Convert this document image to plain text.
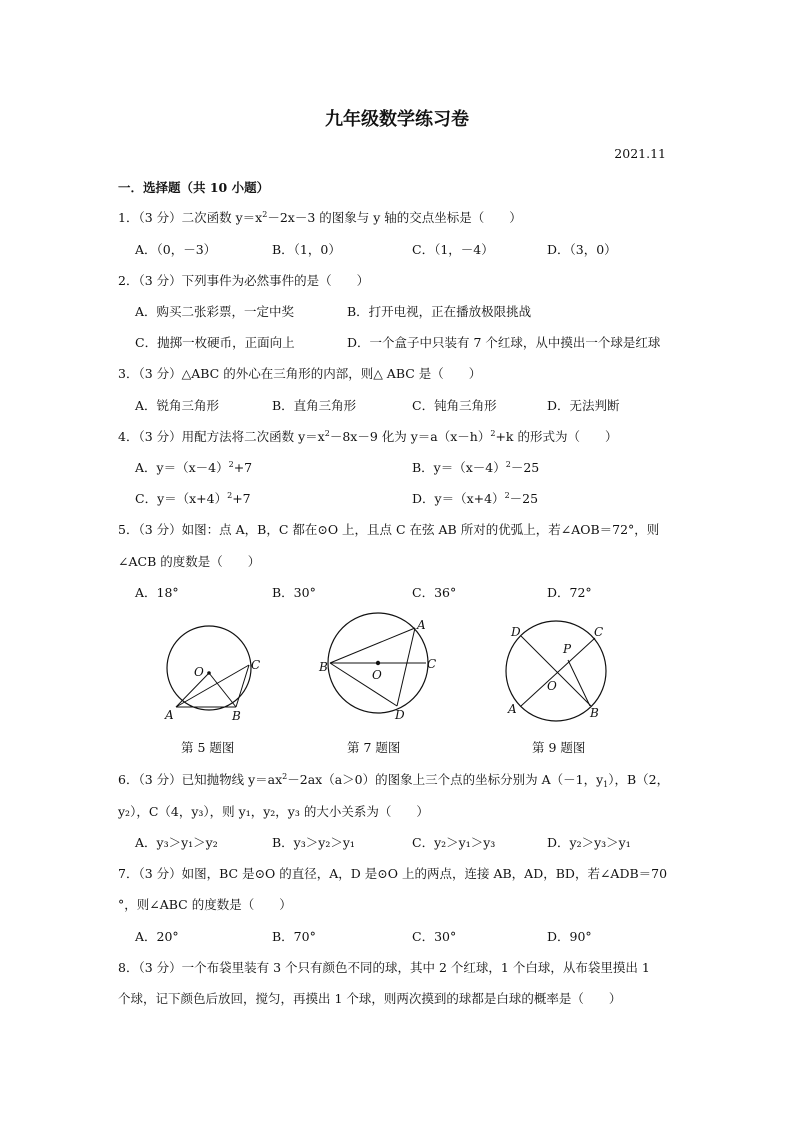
九年级数学练习卷
2021.11
一．选择题（共 10 小题）
1．（3 分）二次函数 $y=x^2-2x-3$ 的图象与 y 轴的交点坐标是（　　）
A．（0，－3）	B．（1，0）	C．（1，－4）	D．（3，0）
2．（3 分）下列事件为必然事件的是（　　）
A．购买二张彩票，一定中奖	B．打开电视，正在播放极限挑战
C．抛掷一枚硬币，正面向上	D．一个盒子中只装有 7 个红球，从中摸出一个球是红球
3．（3 分）△ABC 的外心在三角形的内部，则△ ABC 是（　　）
A．锐角三角形	B．直角三角形	C．钝角三角形	D．无法判断
4．（3 分）用配方法将二次函数 $y=x^2-8x-9$ 化为 $y=a(x-h)^2+k$ 的形式为（　　）
A．$y=(x-4)^2+7$	B．$y=(x-4)^2-25$
C．$y=(x+4)^2+7$	D．$y=(x+4)^2-25$
5．（3 分）如图：点 A，B，C 都在⊙O 上，且点 C 在弦 AB 所对的优弧上，若∠AOB＝72°，则
∠ACB 的度数是（　　）
A．18°	B．30°	C．36°	D．72°
O
A	B
C
A
B	C
D
O
D	C
P
O
A	B
第 5 题图	第 7 题图	第 9 题图
6．（3 分）已知抛物线 $y=ax^2-2ax(a>0)$的图象上三个点的坐标分别为 A（－1，$y_1$），B（2，
y₂），C（4，y₃），则 y₁，y₂，y₃ 的大小关系为（　　）
A．y₃＞y₁＞y₂	B．y₃＞y₂＞y₁	C．y₂＞y₁＞y₃	D．y₂＞y₃＞y₁
7．（3 分）如图，BC 是⊙O 的直径，A，D 是⊙O 上的两点，连接 AB，AD，BD，若∠ADB＝70
°，则∠ABC 的度数是（　　）
A．20°	B．70°	C．30°	D．90°
8．（3 分）一个布袋里装有 3 个只有颜色不同的球，其中 2 个红球，1 个白球，从布袋里摸出 1
个球，记下颜色后放回，搅匀，再摸出 1 个球，则两次摸到的球都是白球的概率是（　　）
